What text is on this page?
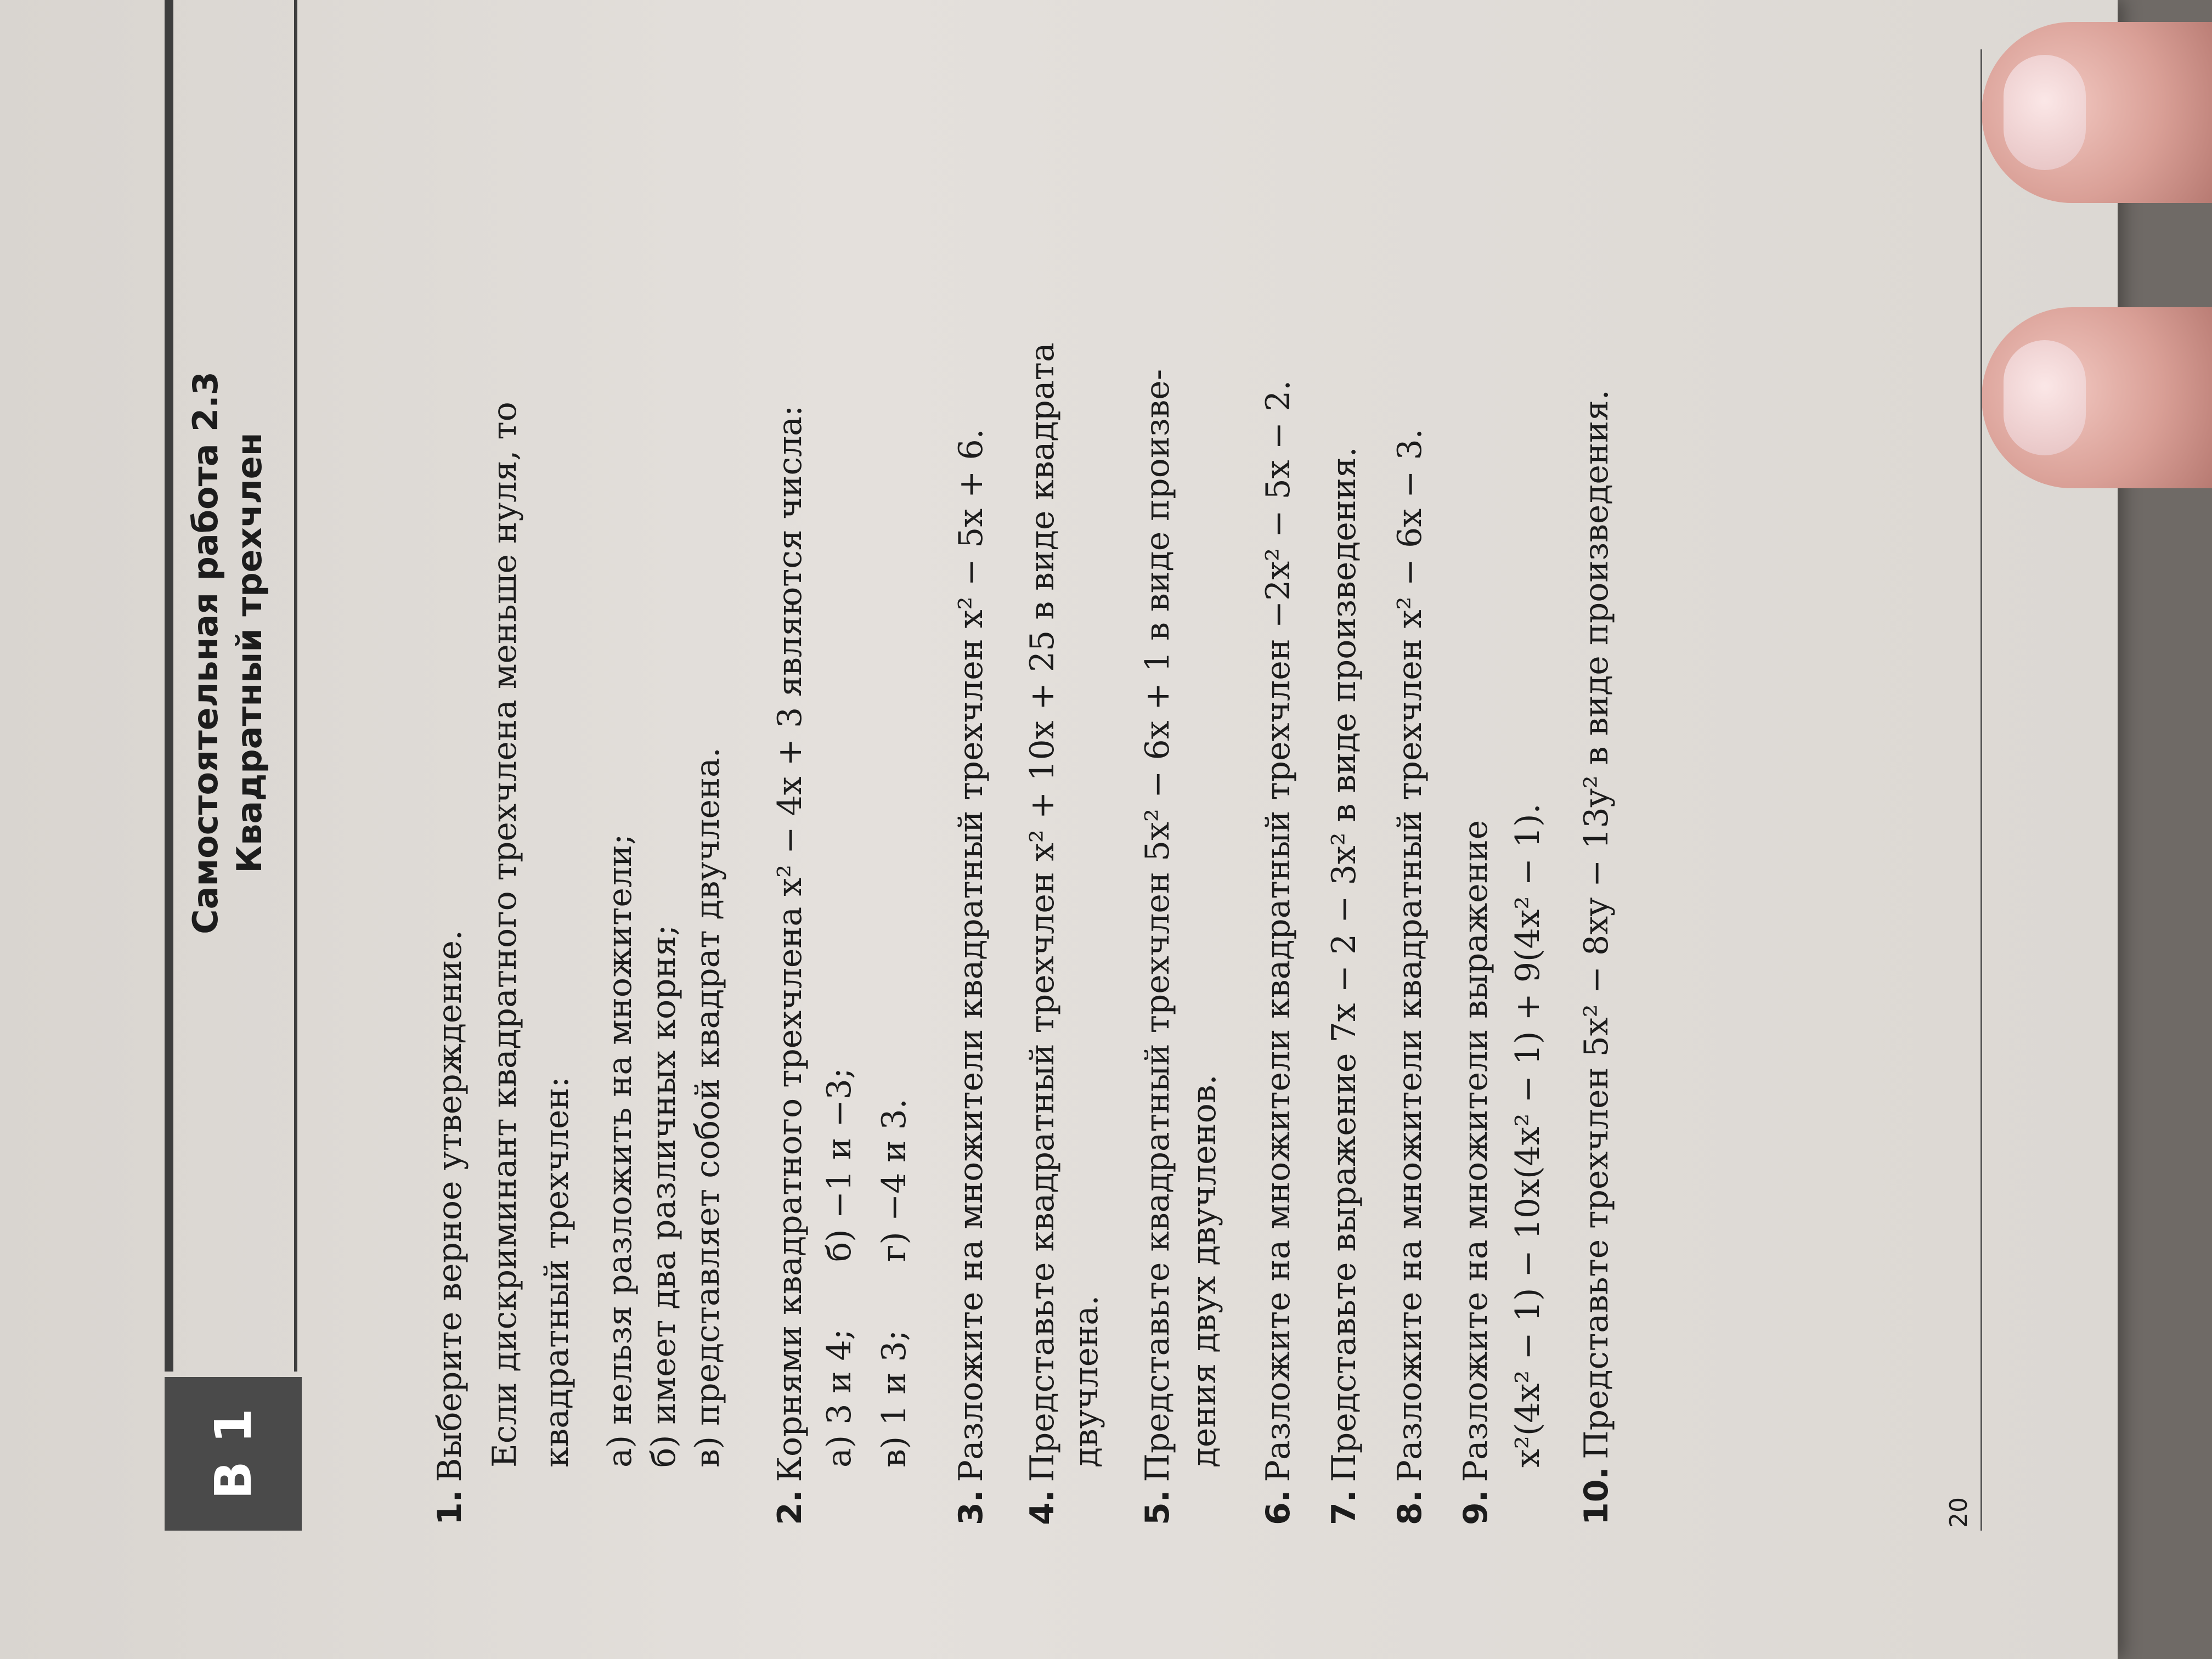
В 1
Самостоятельная работа 2.3 Квадратный трехчлен
1.Выберите верное утверждение. Если дискриминант квадратного трехчлена меньше нуля, то квадратный трехчлен: а) нельзя разложить на множители; б) имеет два различных корня; в) представляет собой квадрат двучлена.
2.Корнями квадратного трехчлена x² − 4x + 3 являются числа: а) 3 и 4;
б) −1 и −3;
в) 1 и 3;
г) −4 и 3.
3.Разложите на множители квадратный трехчлен x² − 5x + 6.
4.Представьте квадратный трехчлен x² + 10x + 25 в виде квадрата двучлена.
5.Представьте квадратный трехчлен 5x² − 6x + 1 в виде произве- дения двух двучленов.
6.Разложите на множители квадратный трехчлен −2x² − 5x − 2.
7.Представьте выражение 7x − 2 − 3x² в виде произведения.
8.Разложите на множители квадратный трехчлен x² − 6x − 3.
9.Разложите на множители выражение x²(4x² − 1) − 10x(4x² − 1) + 9(4x² − 1).
10.Представьте трехчлен 5x² − 8xy − 13y² в виде произведения.
20
